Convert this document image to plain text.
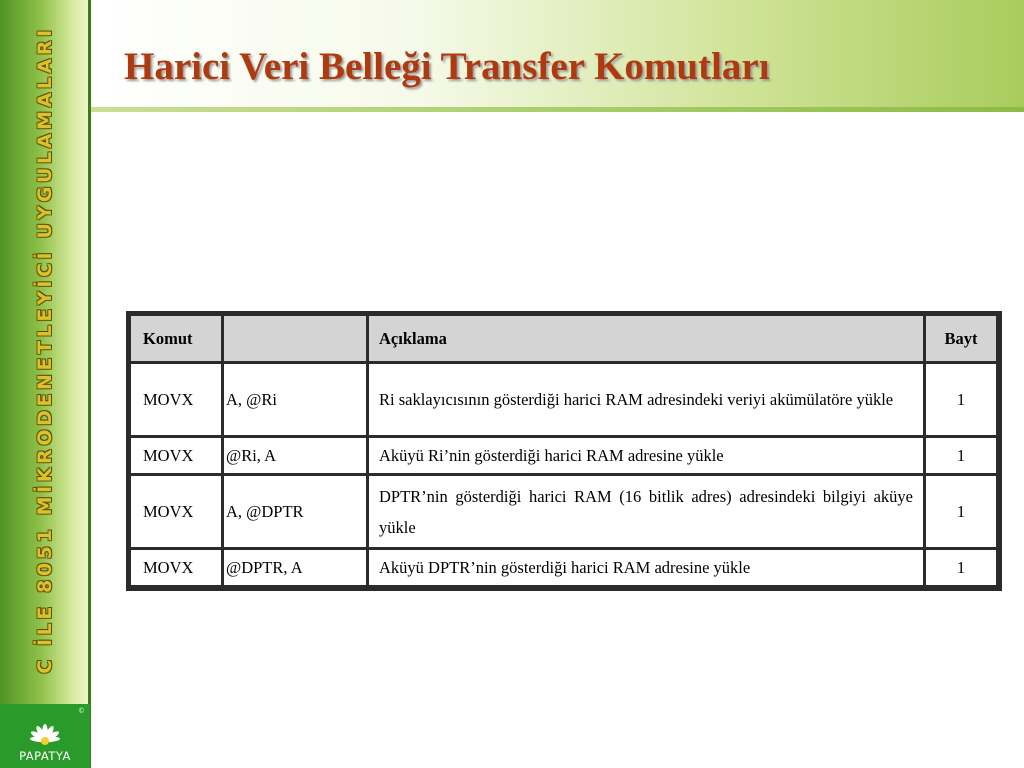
C İLE 8051 MİKRODENETLEYİCİ UYGULAMALARI
©
PAPATYA
Harici Veri Belleği Transfer Komutları
Komut		Açıklama	Bayt
MOVX	A, @Ri	Ri saklayıcısının gösterdiği harici RAM adresindeki veriyi akümülatöre yükle	1
MOVX	@Ri, A	Aküyü Ri’nin gösterdiği harici RAM adresine yükle	1
MOVX	A, @DPTR	DPTR’nin gösterdiği harici RAM (16 bitlik adres) adresindeki bilgiyi aküye yükle	1
MOVX	@DPTR, A	Aküyü DPTR’nin gösterdiği harici RAM adresine yükle	1
